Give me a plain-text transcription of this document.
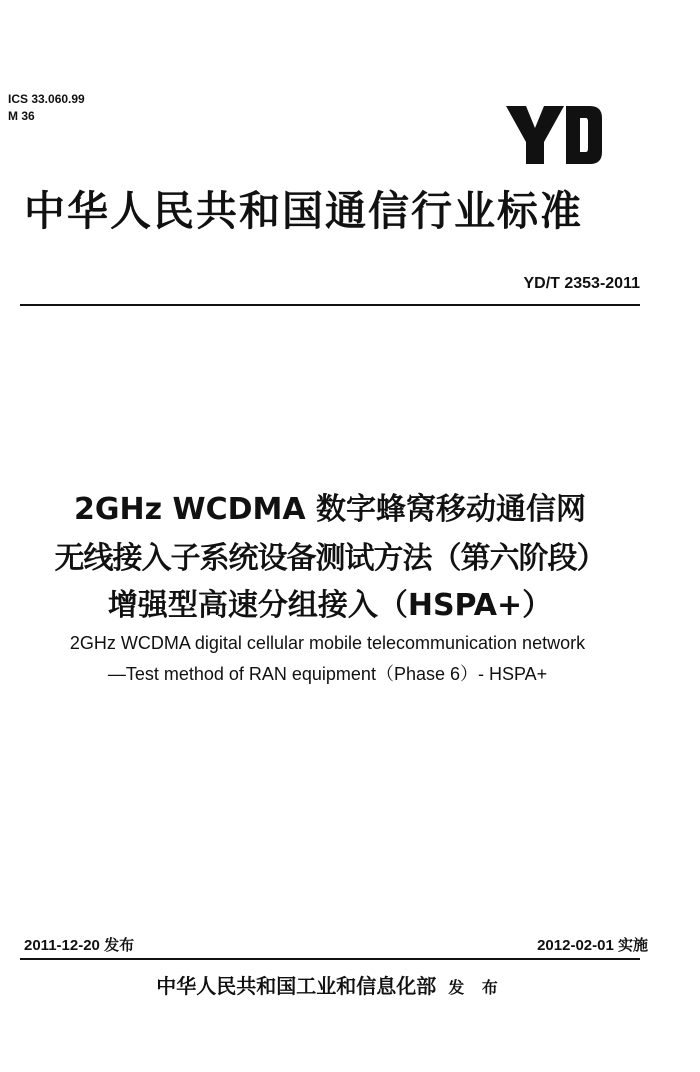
ICS 33.060.99
M 36
中华人民共和国通信行业标准
YD/T 2353-2011
2GHz WCDMA 数字蜂窝移动通信网
无线接入子系统设备测试方法（第六阶段）
增强型高速分组接入（HSPA+）
2GHz WCDMA digital cellular mobile telecommunication network
—Test method of RAN equipment（Phase 6）- HSPA+
2011-12-20 发布	2012-02-01 实施
中华人民共和国工业和信息化部 发 布
